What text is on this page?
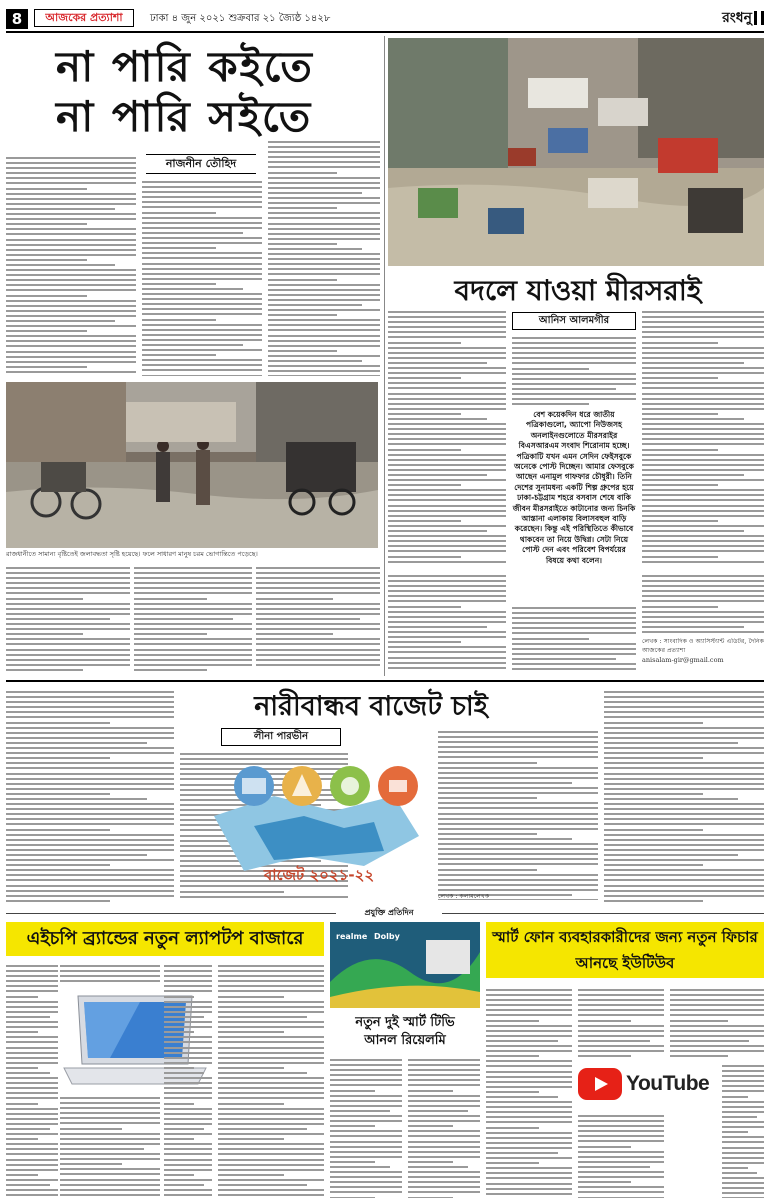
8	আজকের প্রত্যাশা	ঢাকা ৪ জুন ২০২১ শুক্রবার ২১ জ্যৈষ্ঠ ১৪২৮	রংধনু
না পারি কইতে
না পারি সইতে
নাজনীন তৌহিদ
রাজধানীতে সামান্য বৃষ্টিতেই জলাবদ্ধতা সৃষ্টি হয়েছে। ফলে সাধারণ মানুষ চরম ভোগান্তিতে পড়েছে।
বদলে যাওয়া মীরসরাই
আনিস আলমগীর
বেশ কয়েকদিন ধরে জাতীয় পত্রিকাগুলো, অ্যাপো নিউজসহ অনলাইনগুলোতে মীরসরাইর বিএসআরএম সংবাদ শিরোনাম হচ্ছে। পত্রিকাটি যখন এমন সেদিন ফেইসবুকে অনেকে পোস্ট দিচ্ছেন। আমার ফেসবুকে আছেন এনামুল গাফফার চৌধুরী। তিনি দেশের সুনামধন্য একটি শিল্প গ্রুপের হয়ে ঢাকা-চট্টগ্রাম শহরে বসবাস শেষে বাকি জীবন মীরসরাইতে কাটানোর জন্য চিনকি আস্তানা এলাকায় বিলাসবহুল বাড়ি করেছেন। কিন্তু এই পরিস্থিতিতে কীভাবে থাকবেন তা নিয়ে উদ্বিগ্ন। সেটা নিয়ে পোস্ট দেন এবং পরিবেশ বিপর্যয়ের বিষয়ে কথা বলেন।
লেখক : সাংবাদিক ও অ্যাসিস্ট্যান্ট এডিটর, দৈনিক আজকের প্রত্যাশা
anisalam-gir@gmail.com
নারীবান্ধব বাজেট চাই
লীনা পারভীন
বাজেট ২০২১-২২
লেখক : কলামলেখক
প্রযুক্তি প্রতিদিন
এইচপি ব্র্যান্ডের নতুন ল্যাপটপ বাজারে	realme Dolby
নতুন দুই স্মার্ট টিভি
আনল রিয়েলমি
স্মার্ট ফোন ব্যবহারকারীদের জন্য নতুন ফিচার আনছে ইউটিউব
YouTube
